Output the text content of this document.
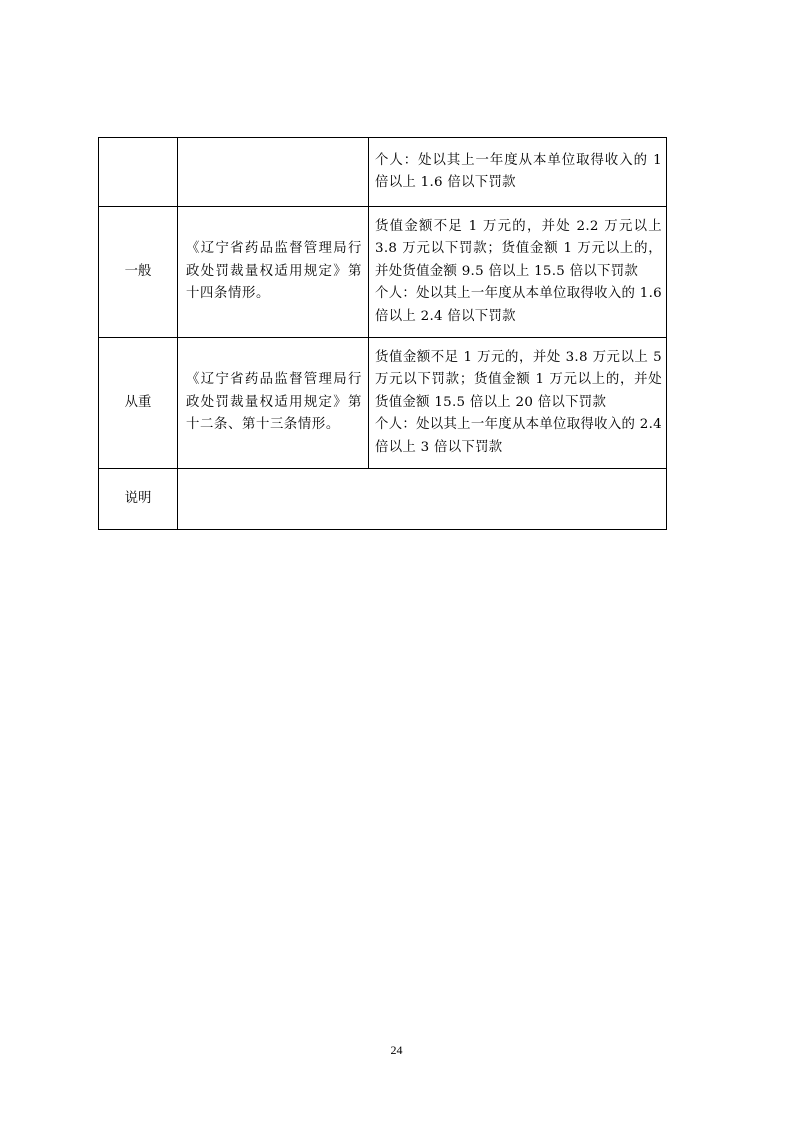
		个人：处以其上一年度从本单位取得收入的 1 倍以上 1.6 倍以下罚款

一般	《辽宁省药品监督管理局行政处罚裁量权适用规定》第十四条情形。	货值金额不足 1 万元的，并处 2.2 万元以上 3.8 万元以下罚款；货值金额 1 万元以上的，并处货值金额 9.5 倍以上 15.5 倍以下罚款
个人：处以其上一年度从本单位取得收入的 1.6 倍以上 2.4 倍以下罚款

从重	《辽宁省药品监督管理局行政处罚裁量权适用规定》第十二条、第十三条情形。	货值金额不足 1 万元的，并处 3.8 万元以上 5 万元以下罚款；货值金额 1 万元以上的，并处货值金额 15.5 倍以上 20 倍以下罚款
个人：处以其上一年度从本单位取得收入的 2.4 倍以上 3 倍以下罚款

说明		
24
